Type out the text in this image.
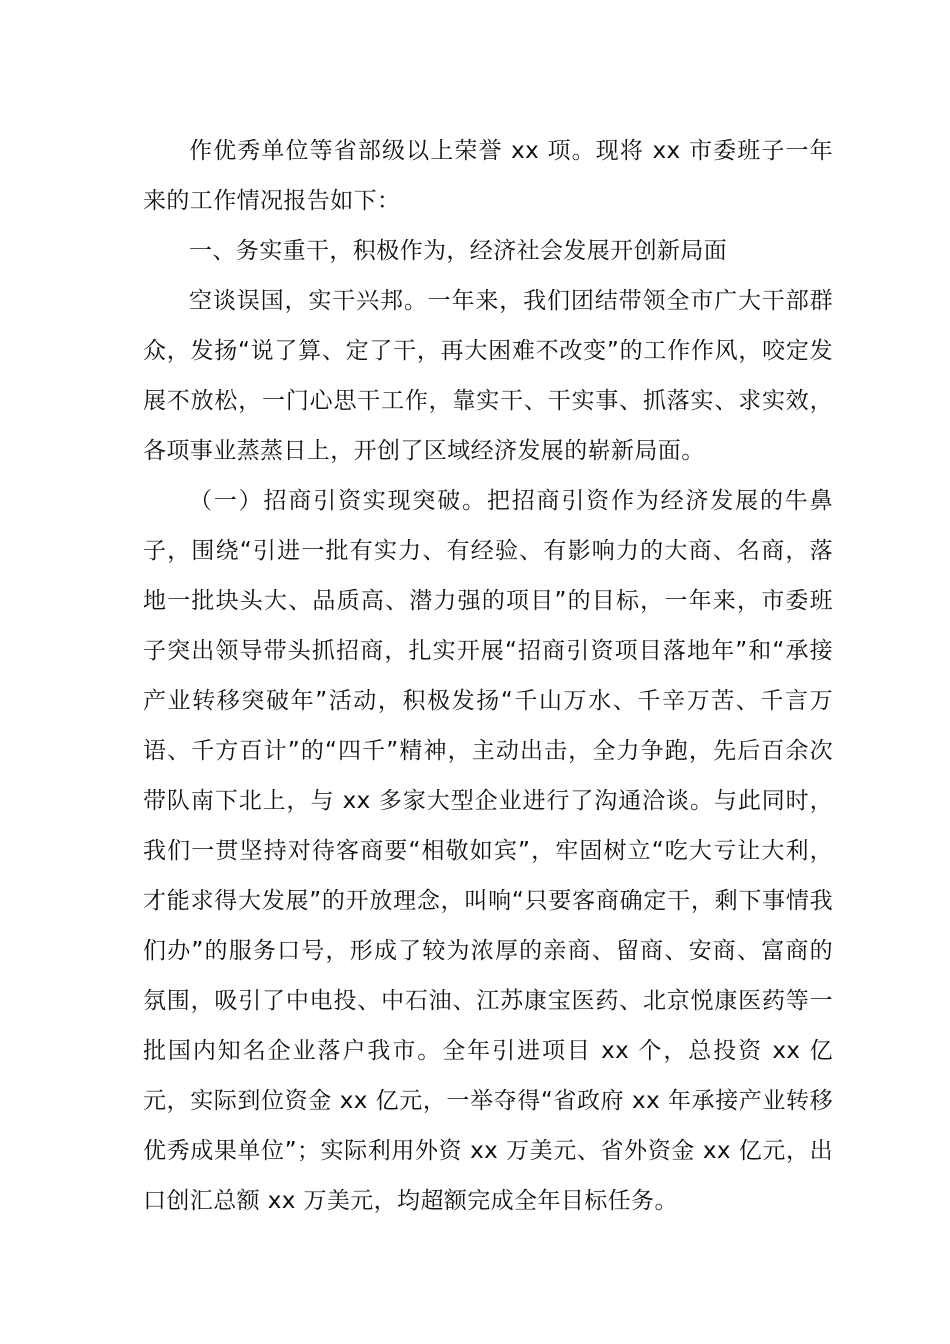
作优秀单位等省部级以上荣誉 xx 项。现将 xx 市委班子一年来的工作情况报告如下：

一、务实重干，积极作为，经济社会发展开创新局面

空谈误国，实干兴邦。一年来，我们团结带领全市广大干部群众，发扬“说了算、定了干，再大困难不改变”的工作作风，咬定发展不放松，一门心思干工作，靠实干、干实事、抓落实、求实效，各项事业蒸蒸日上，开创了区域经济发展的崭新局面。

（一）招商引资实现突破。把招商引资作为经济发展的牛鼻子，围绕“引进一批有实力、有经验、有影响力的大商、名商，落地一批块头大、品质高、潜力强的项目”的目标，一年来，市委班子突出领导带头抓招商，扎实开展“招商引资项目落地年”和“承接产业转移突破年”活动，积极发扬“千山万水、千辛万苦、千言万语、千方百计”的“四千”精神，主动出击，全力争跑，先后百余次带队南下北上，与 xx 多家大型企业进行了沟通洽谈。与此同时，我们一贯坚持对待客商要“相敬如宾”，牢固树立“吃大亏让大利，才能求得大发展”的开放理念，叫响“只要客商确定干，剩下事情我们办”的服务口号，形成了较为浓厚的亲商、留商、安商、富商的氛围，吸引了中电投、中石油、江苏康宝医药、北京悦康医药等一批国内知名企业落户我市。全年引进项目 xx 个，总投资 xx 亿元，实际到位资金 xx 亿元，一举夺得“省政府 xx 年承接产业转移优秀成果单位”；实际利用外资 xx 万美元、省外资金 xx 亿元，出口创汇总额 xx 万美元，均超额完成全年目标任务。
